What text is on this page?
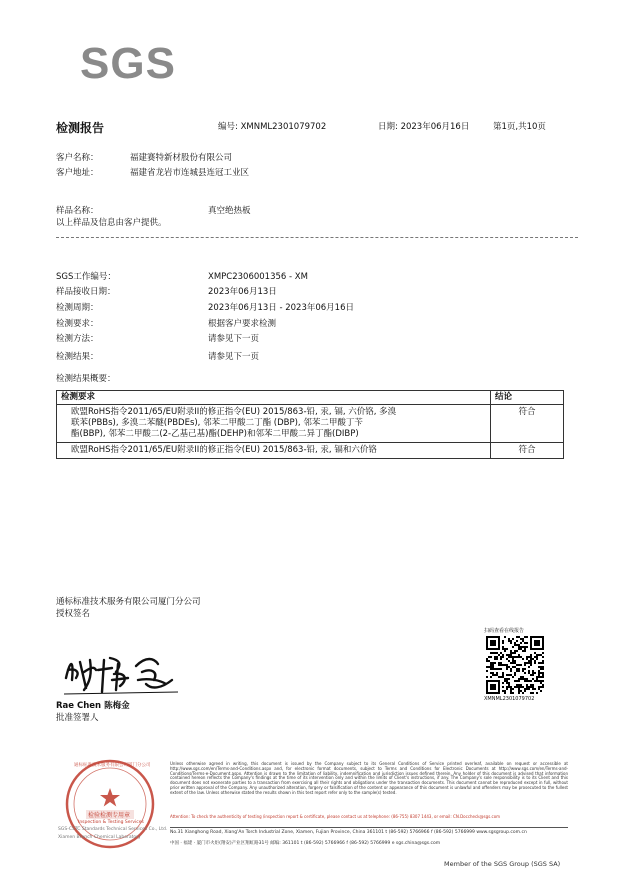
SGS
检测报告	编号: XMNML2301079702	日期: 2023年06月16日	第1页,共10页
客户名称：	福建赛特新材股份有限公司
客户地址：	福建省龙岩市连城县连冠工业区
样品名称：	真空绝热板
以上样品及信息由客户提供。
SGS工作编号：	XMPC2306001356 - XM
样品接收日期：	2023年06月13日
检测周期：	2023年06月13日 - 2023年06月16日
检测要求：	根据客户要求检测
检测方法：	请参见下一页
检测结果：	请参见下一页
检测结果概要：
检测要求	结论

欧盟RoHS指令2011/65/EU附录II的修正指令(EU) 2015/863-铅, 汞, 镉, 六价铬, 多溴
联苯(PBBs), 多溴二苯醚(PBDEs), 邻苯二甲酸二丁酯 (DBP), 邻苯二甲酸丁苄
酯(BBP), 邻苯二甲酸二(2-乙基己基)酯(DEHP)和邻苯二甲酸二异丁酯(DIBP)	符合

欧盟RoHS指令2011/65/EU附录II的修正指令(EU) 2015/863-铅, 汞, 镉和六价铬	符合
通标标准技术服务有限公司厦门分公司
授权签名
Rae Chen 陈梅金
批准签署人
扫码查看在线报告
XMNML2301079702
检验检测专用章
Inspection & Testing Services
通标标准技术服务有限公司厦门分公司
SGS-CSTC Standards Technical Services Co., Ltd.
Xiamen Branch Chemical Laboratory
Unless otherwise agreed in writing, this document is issued by the Company subject to its General Conditions of Service printed overleaf, available on request or accessible at http://www.sgs.com/en/Terms-and-Conditions.aspx and, for electronic format documents, subject to Terms and Conditions for Electronic Documents at http://www.sgs.com/en/Terms-and-Conditions/Terms-e-Document.aspx. Attention is drawn to the limitation of liability, indemnification and jurisdiction issues defined therein. Any holder of this document is advised that information contained hereon reflects the Company's findings at the time of its intervention only and within the limits of Client's instructions, if any. The Company's sole responsibility is to its Client and this document does not exonerate parties to a transaction from exercising all their rights and obligations under the transaction documents. This document cannot be reproduced except in full, without prior written approval of the Company. Any unauthorized alteration, forgery or falsification of the content or appearance of this document is unlawful and offenders may be prosecuted to the fullest extent of the law. Unless otherwise stated the results shown in this test report refer only to the sample(s) tested.
Attention: To check the authenticity of testing /inspection report & certificate, please contact us at telephone: (86-755) 8307 1443, or email: CN.Doccheck@sgs.com
No.31 Xianghong Road, Xiang'An Torch Industrial Zone, Xiamen, Fujian Province, China 361101 t (86-592) 5766966 f (86-592) 5766999 www.sgsgroup.com.cn
中国 · 福建 · 厦门市火炬(翔安)产业区翔虹路31号 邮编: 361101 t (86-592) 5766966 f (86-592) 5766999 e sgs.china@sgs.com
Member of the SGS Group (SGS SA)
